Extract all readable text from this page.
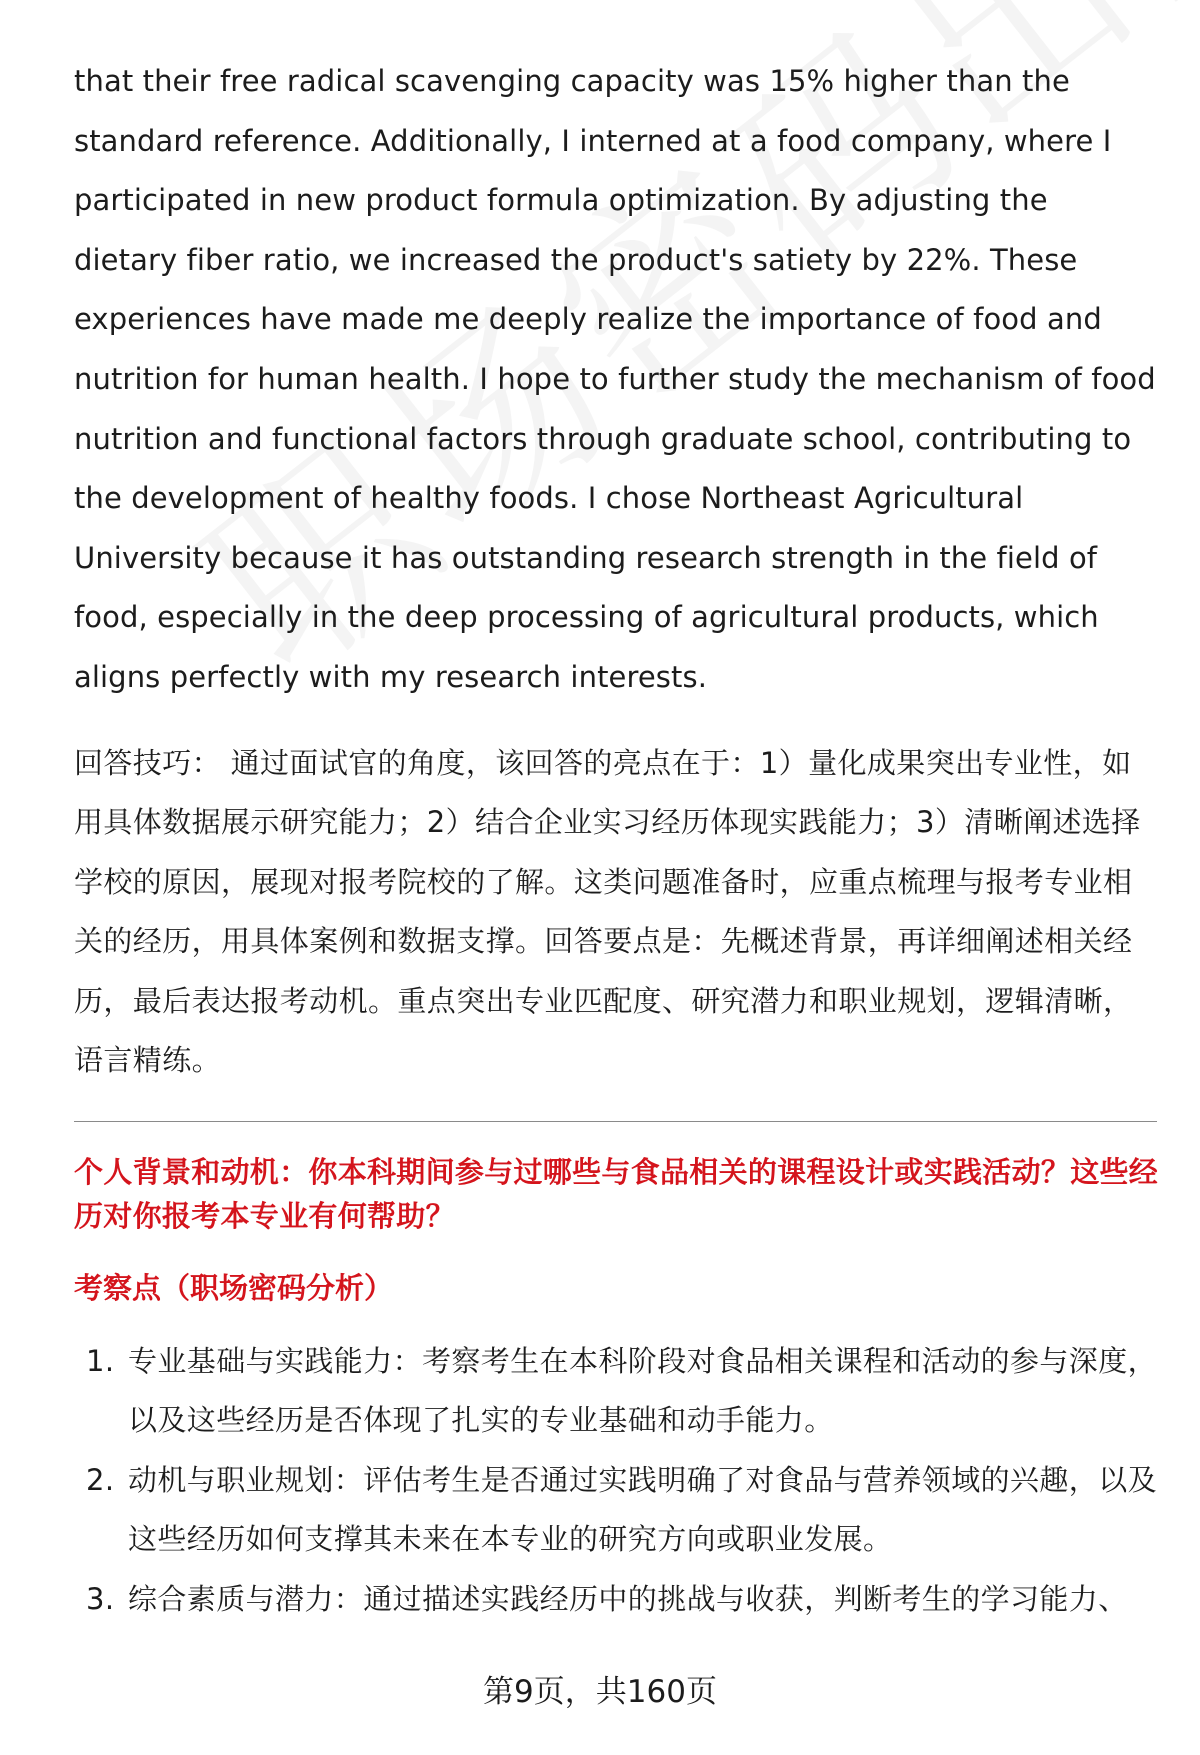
that their free radical scavenging capacity was 15% higher than the standard reference. Additionally, I interned at a food company, where I participated in new product formula optimization. By adjusting the dietary fiber ratio, we increased the product's satiety by 22%. These experiences have made me deeply realize the importance of food and nutrition for human health. I hope to further study the mechanism of food nutrition and functional factors through graduate school, contributing to the development of healthy foods. I chose Northeast Agricultural University because it has outstanding research strength in the field of food, especially in the deep processing of agricultural products, which aligns perfectly with my research interests.

回答技巧： 通过面试官的角度，该回答的亮点在于：1）量化成果突出专业性，如用具体数据展示研究能力；2）结合企业实习经历体现实践能力；3）清晰阐述选择学校的原因，展现对报考院校的了解。这类问题准备时，应重点梳理与报考专业相关的经历，用具体案例和数据支撑。回答要点是：先概述背景，再详细阐述相关经历，最后表达报考动机。重点突出专业匹配度、研究潜力和职业规划，逻辑清晰，语言精练。

个人背景和动机：你本科期间参与过哪些与食品相关的课程设计或实践活动？这些经历对你报考本专业有何帮助？

考察点（职场密码分析）

1. 专业基础与实践能力：考察考生在本科阶段对食品相关课程和活动的参与深度，以及这些经历是否体现了扎实的专业基础和动手能力。
2. 动机与职业规划：评估考生是否通过实践明确了对食品与营养领域的兴趣，以及这些经历如何支撑其未来在本专业的研究方向或职业发展。
3. 综合素质与潜力：通过描述实践经历中的挑战与收获，判断考生的学习能力、
第9页，共160页
